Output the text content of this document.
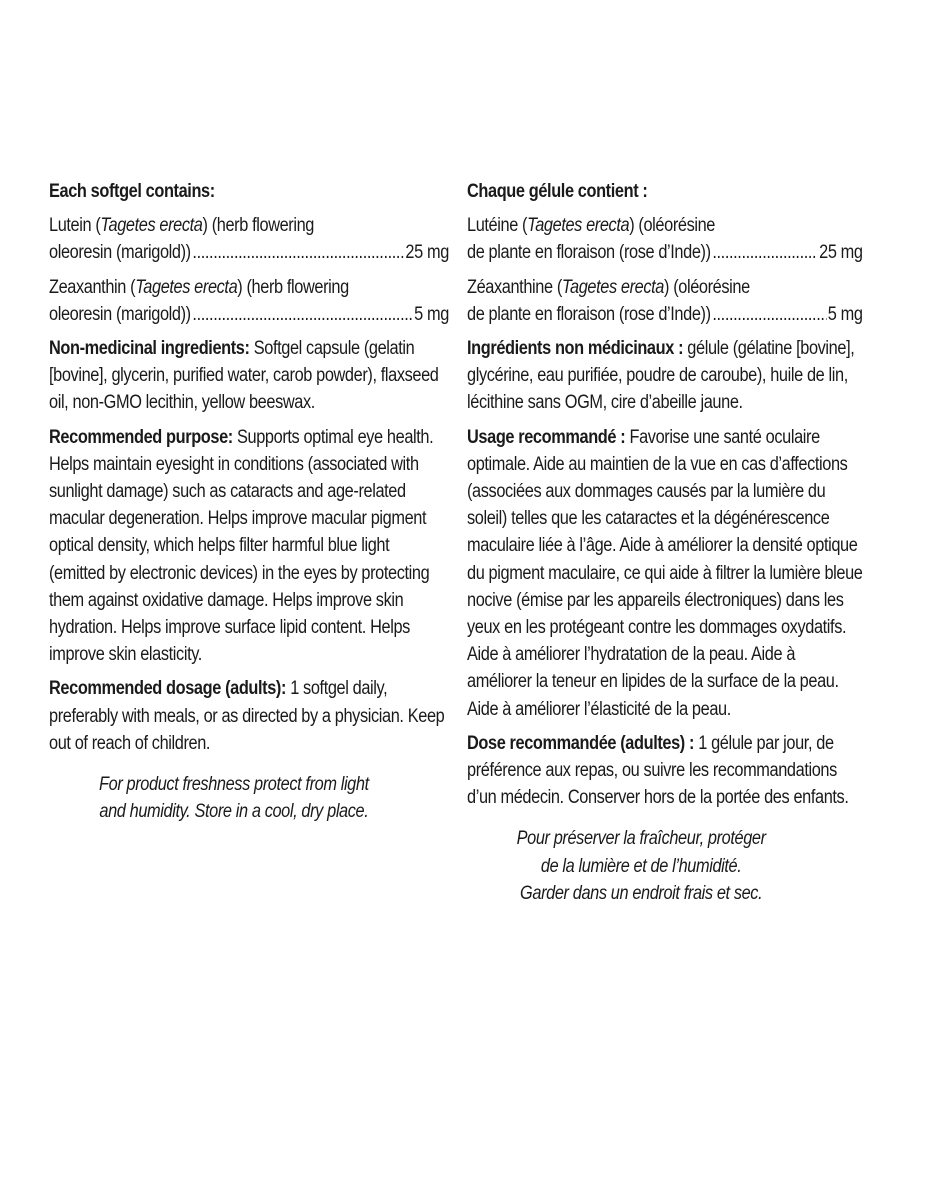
Each softgel contains:
Lutein (Tagetes erecta) (herb flowering
oleoresin (marigold)) .....	25 mg
Zeaxanthin (Tagetes erecta) (herb flowering
oleoresin (marigold)) .....	5 mg
Non-medicinal ingredients: Softgel capsule (gelatin [bovine], glycerin, purified water, carob powder), flaxseed oil, non-GMO lecithin, yellow beeswax.
Recommended purpose: Supports optimal eye health. Helps maintain eyesight in conditions (associated with sunlight damage) such as cataracts and age-related macular degeneration. Helps improve macular pigment optical density, which helps filter harmful blue light (emitted by electronic devices) in the eyes by protecting them against oxidative damage. Helps improve skin hydration. Helps improve surface lipid content. Helps improve skin elasticity.
Recommended dosage (adults): 1 softgel daily, preferably with meals, or as directed by a physician. Keep out of reach of children.
For product freshness protect from light
and humidity. Store in a cool, dry place.
Chaque gélule contient :
Lutéine (Tagetes erecta) (oléorésine
de plante en floraison (rose d’Inde)) .....	25 mg
Zéaxanthine (Tagetes erecta) (oléorésine
de plante en floraison (rose d’Inde)) .....	5 mg
Ingrédients non médicinaux : gélule (gélatine [bovine], glycérine, eau purifiée, poudre de caroube), huile de lin, lécithine sans OGM, cire d’abeille jaune.
Usage recommandé : Favorise une santé oculaire optimale. Aide au maintien de la vue en cas d’affections (associées aux dommages causés par la lumière du soleil) telles que les cataractes et la dégénérescence maculaire liée à l’âge. Aide à améliorer la densité optique du pigment maculaire, ce qui aide à filtrer la lumière bleue nocive (émise par les appareils électroniques) dans les yeux en les protégeant contre les dommages oxydatifs. Aide à améliorer l’hydratation de la peau. Aide à améliorer la teneur en lipides de la surface de la peau. Aide à améliorer l’élasticité de la peau.
Dose recommandée (adultes) : 1 gélule par jour, de préférence aux repas, ou suivre les recommandations d’un médecin. Conserver hors de la portée des enfants.
Pour préserver la fraîcheur, protéger
de la lumière et de l’humidité.
Garder dans un endroit frais et sec.
